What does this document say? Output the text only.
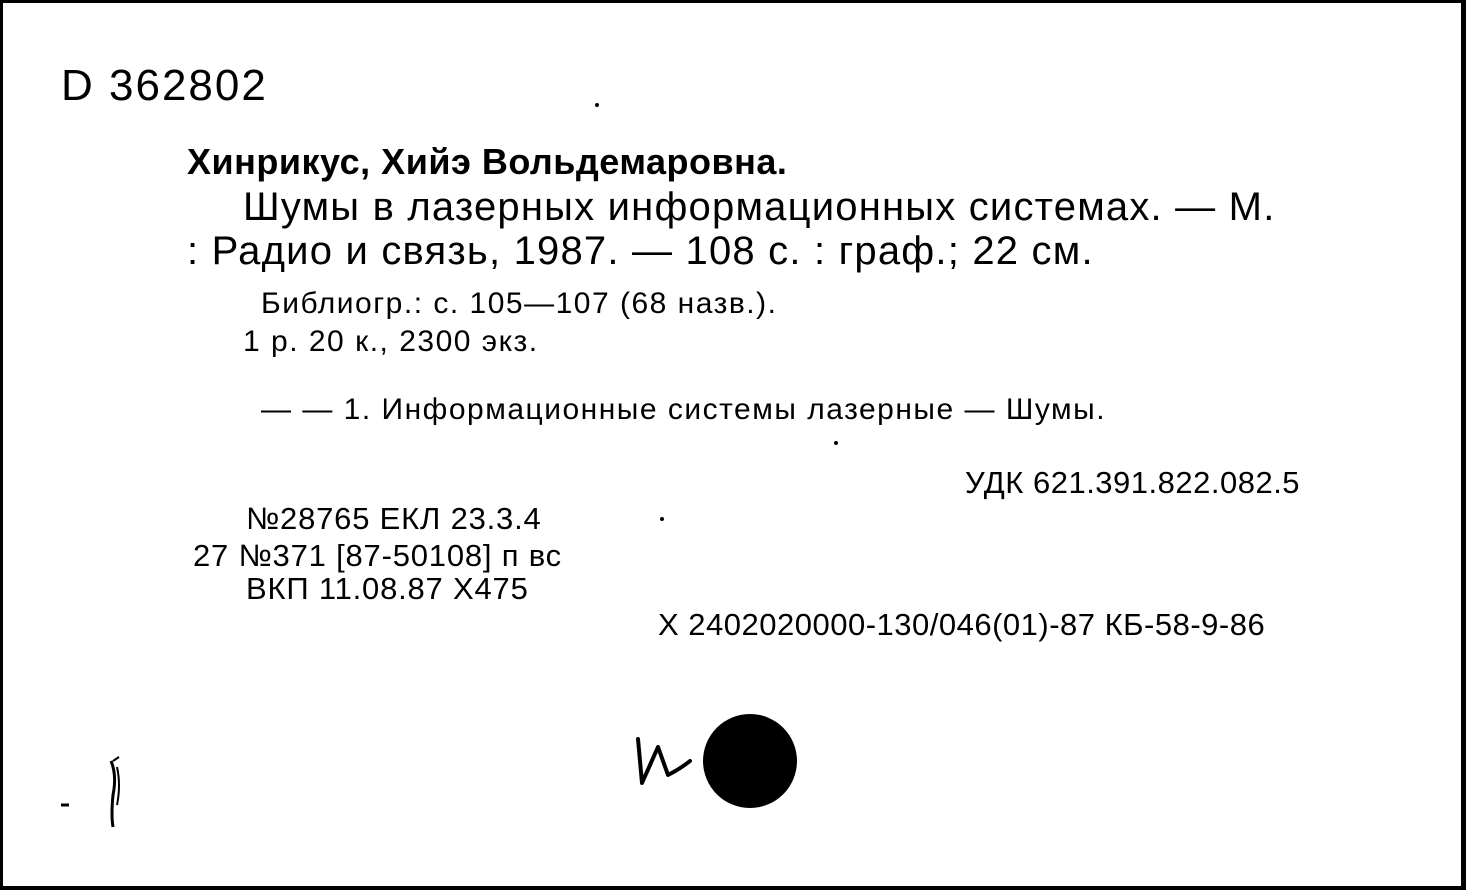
D 362802

Хинрикус, Хийэ Вольдемаровна.

Шумы в лазерных информационных системах. — М.

: Радио и связь, 1987. — 108 с. : граф.; 22 см.

Библиогр.: с. 105—107 (68 назв.).

1 р. 20 к., 2300 экз.

— — 1. Информационные системы лазерные — Шумы.

УДК 621.391.822.082.5

№28765 ЕКЛ 23.3.4

27 №371 [87-50108] п вс

ВКП 11.08.87 Х475

Х 2402020000-130/046(01)-87 КБ-58-9-86
